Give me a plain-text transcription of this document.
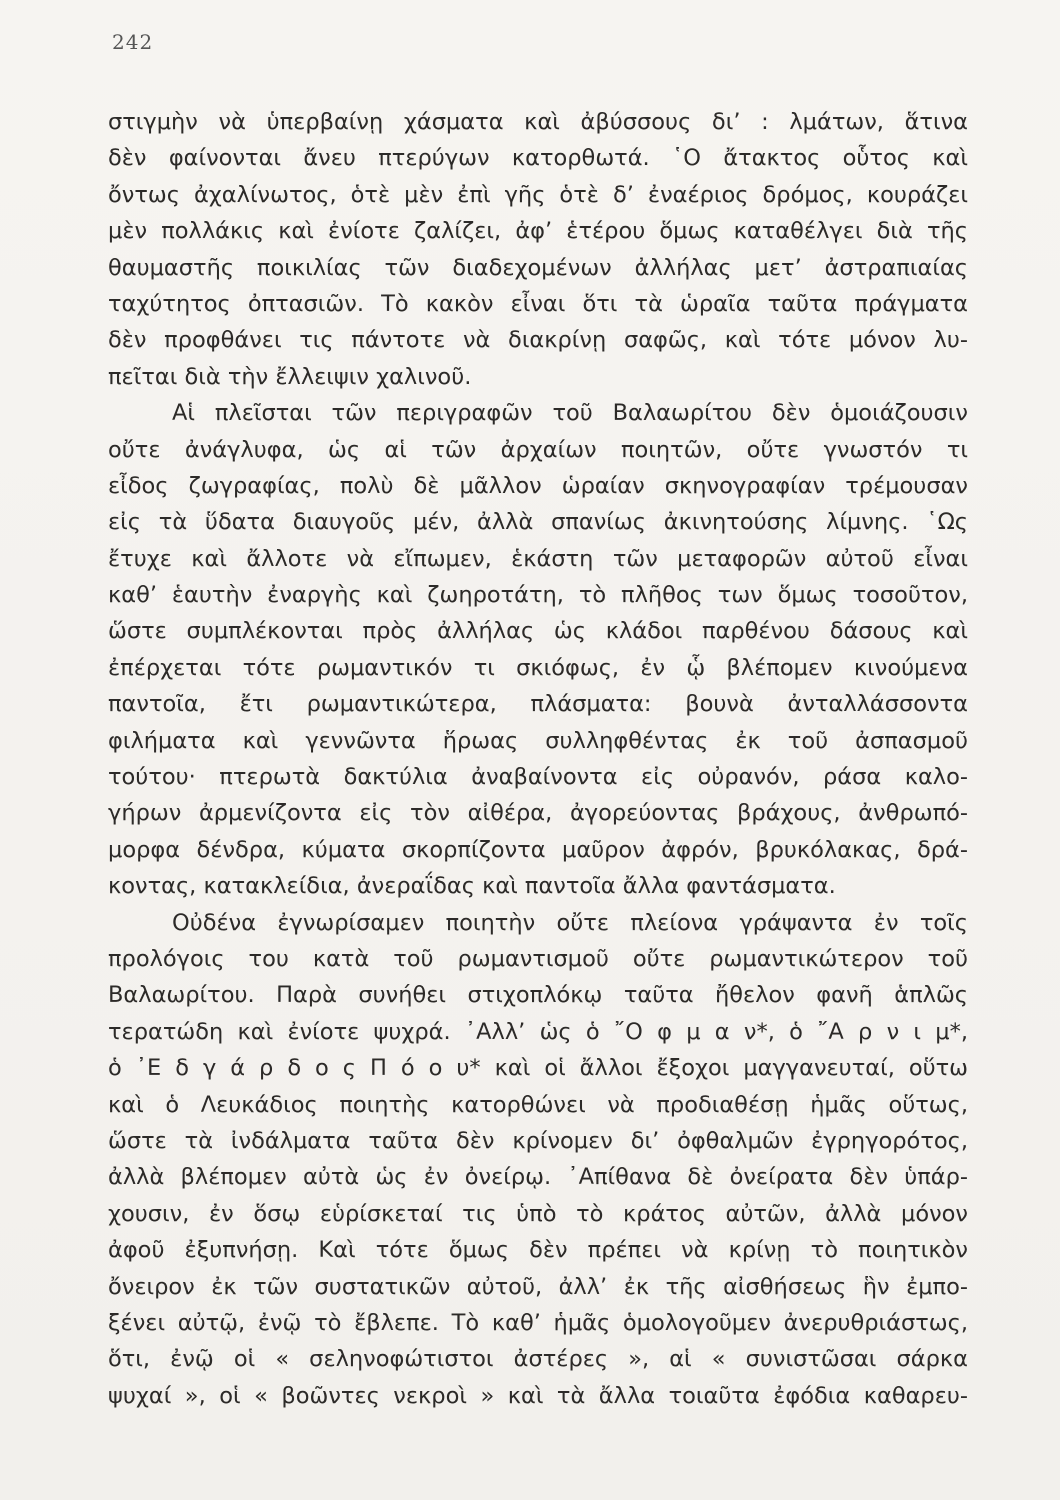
242
στιγμὴν νὰ ὑπερβαίνῃ χάσματα καὶ ἀβύσσους δι’ : λμάτων, ἅτινα
δὲν φαίνονται ἄνευ πτερύγων κατορθωτά. ῾Ο ἄτακτος οὗτος καὶ
ὄντως ἀχαλίνωτος, ὁτὲ μὲν ἐπὶ γῆς ὁτὲ δ’ ἐναέριος δρόμος, κουράζει
μὲν πολλάκις καὶ ἐνίοτε ζαλίζει, ἀφ’ ἑτέρου ὅμως καταθέλγει διὰ τῆς
θαυμαστῆς ποικιλίας τῶν διαδεχομένων ἀλλήλας μετ’ ἀστραπιαίας
ταχύτητος ὀπτασιῶν. Τὸ κακὸν εἶναι ὅτι τὰ ὡραῖα ταῦτα πράγματα
δὲν προφθάνει τις πάντοτε νὰ διακρίνῃ σαφῶς, καὶ τότε μόνον λυ-
πεῖται διὰ τὴν ἔλλειψιν χαλινοῦ.
Αἱ πλεῖσται τῶν περιγραφῶν τοῦ Βαλαωρίτου δὲν ὁμοιάζουσιν
οὔτε ἀνάγλυφα, ὡς αἱ τῶν ἀρχαίων ποιητῶν, οὔτε γνωστόν τι
εἶδος ζωγραφίας, πολὺ δὲ μᾶλλον ὡραίαν σκηνογραφίαν τρέμουσαν
εἰς τὰ ὕδατα διαυγοῦς μέν, ἀλλὰ σπανίως ἀκινητούσης λίμνης. ῾Ως
ἔτυχε καὶ ἄλλοτε νὰ εἴπωμεν, ἑκάστη τῶν μεταφορῶν αὐτοῦ εἶναι
καθ’ ἑαυτὴν ἐναργὴς καὶ ζωηροτάτη, τὸ πλῆθος των ὅμως τοσοῦτον,
ὥστε συμπλέκονται πρὸς ἀλλήλας ὡς κλάδοι παρθένου δάσους καὶ
ἐπέρχεται τότε ρωμαντικόν τι σκιόφως, ἐν ᾧ βλέπομεν κινούμενα
παντοῖα, ἔτι ρωμαντικώτερα, πλάσματα: βουνὰ ἀνταλλάσσοντα
φιλήματα καὶ γεννῶντα ἥρωας συλληφθέντας ἐκ τοῦ ἀσπασμοῦ
τούτου· πτερωτὰ δακτύλια ἀναβαίνοντα εἰς οὐρανόν, ράσα καλο-
γήρων ἀρμενίζοντα εἰς τὸν αἰθέρα, ἀγορεύοντας βράχους, ἀνθρωπό-
μορφα δένδρα, κύματα σκορπίζοντα μαῦρον ἀφρόν, βρυκόλακας, δρά-
κοντας, κατακλείδια, ἀνεραΐδας καὶ παντοῖα ἄλλα φαντάσματα.
Οὐδένα ἐγνωρίσαμεν ποιητὴν οὔτε πλείονα γράψαντα ἐν τοῖς
προλόγοις του κατὰ τοῦ ρωμαντισμοῦ οὔτε ρωμαντικώτερον τοῦ
Βαλαωρίτου. Παρὰ συνήθει στιχοπλόκῳ ταῦτα ἤθελον φανῆ ἁπλῶς
τερατώδη καὶ ἐνίοτε ψυχρά. ᾿Αλλ’ ὡς ὁ ῎Ο φ μ α ν*, ὁ ῎Α ρ ν ι μ*,
ὁ ᾿Ε δ γ ά ρ δ ο ς Π ό ο υ* καὶ οἱ ἄλλοι ἔξοχοι μαγγανευταί, οὕτω
καὶ ὁ Λευκάδιος ποιητὴς κατορθώνει νὰ προδιαθέσῃ ἡμᾶς οὕτως,
ὥστε τὰ ἰνδάλματα ταῦτα δὲν κρίνομεν δι’ ὀφθαλμῶν ἐγρηγορότος,
ἀλλὰ βλέπομεν αὐτὰ ὡς ἐν ὀνείρῳ. ᾿Απίθανα δὲ ὀνείρατα δὲν ὑπάρ-
χουσιν, ἐν ὅσῳ εὑρίσκεταί τις ὑπὸ τὸ κράτος αὐτῶν, ἀλλὰ μόνον
ἀφοῦ ἐξυπνήσῃ. Καὶ τότε ὅμως δὲν πρέπει νὰ κρίνῃ τὸ ποιητικὸν
ὄνειρον ἐκ τῶν συστατικῶν αὐτοῦ, ἀλλ’ ἐκ τῆς αἰσθήσεως ἣν ἐμπο-
ξένει αὐτῷ, ἐνῷ τὸ ἔβλεπε. Τὸ καθ’ ἡμᾶς ὁμολογοῦμεν ἀνερυθριάστως,
ὅτι, ἐνῷ οἱ « σεληνοφώτιστοι ἀστέρες », αἱ « συνιστῶσαι σάρκα
ψυχαί », οἱ « βοῶντες νεκροὶ » καὶ τὰ ἄλλα τοιαῦτα ἐφόδια καθαρευ-
